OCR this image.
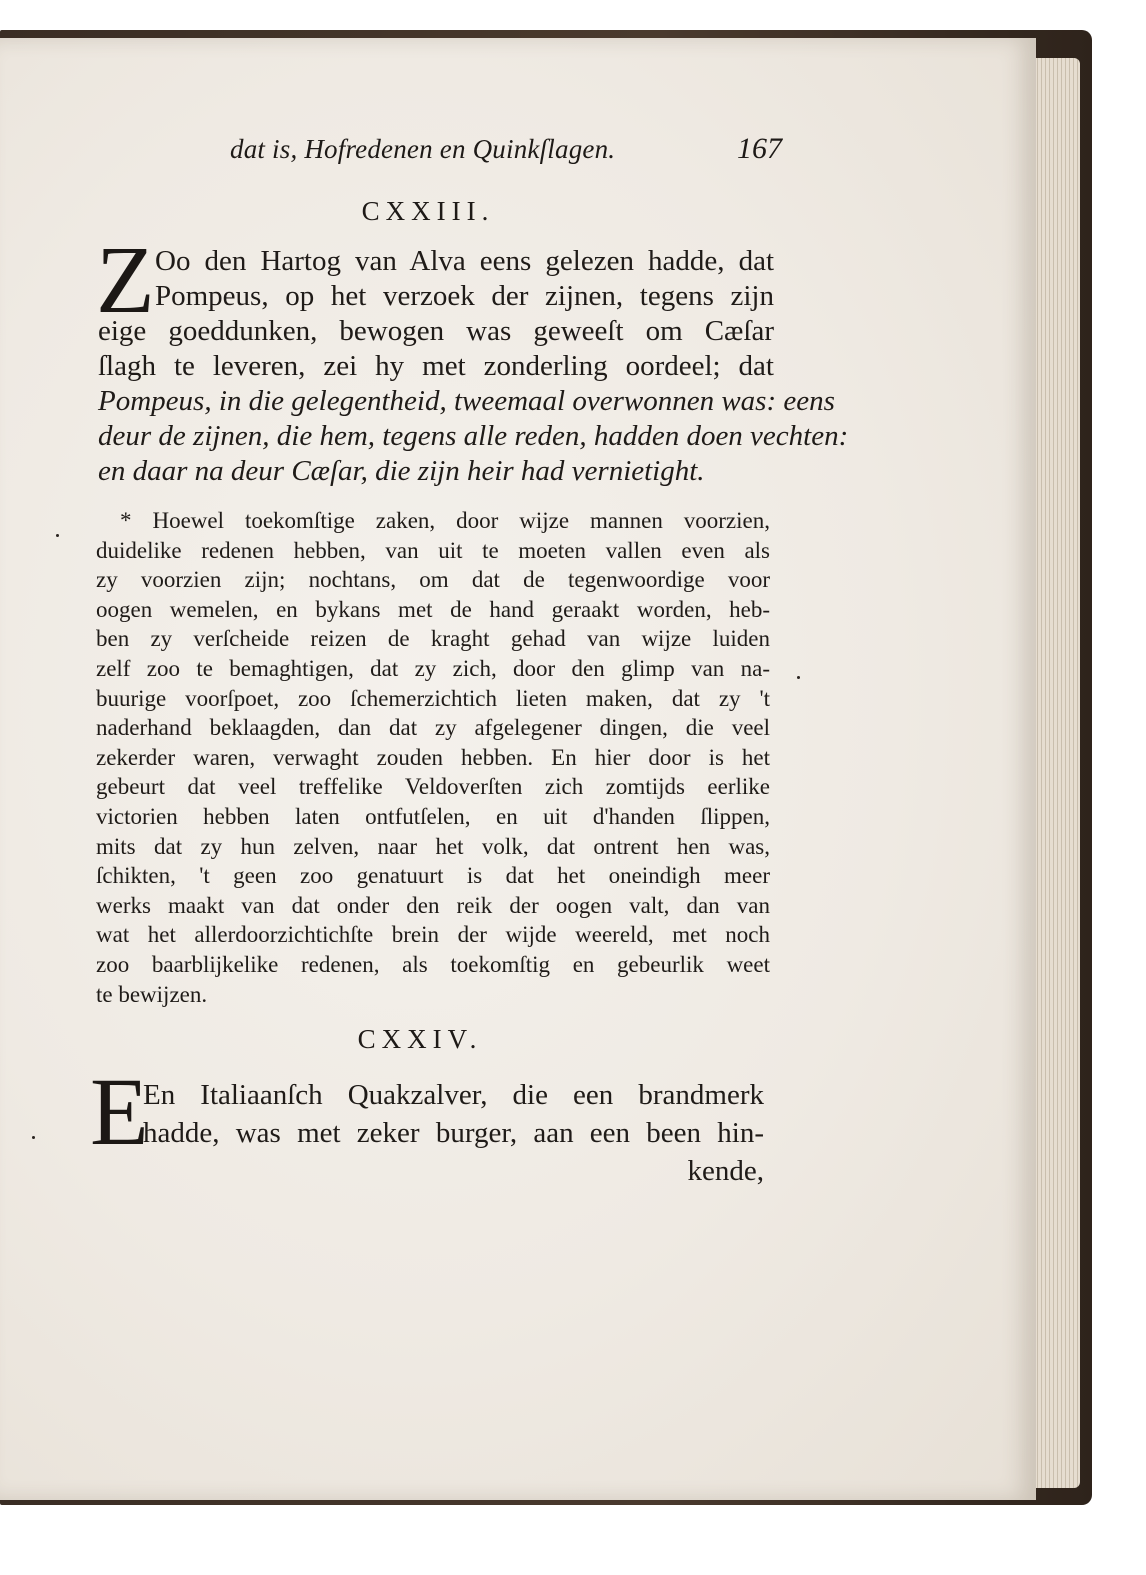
dat is, Hofredenen en Quinkſlagen.	167
CXXIII.
Z Oo den Hartog van Alva eens gelezen hadde, dat
Pompeus, op het verzoek der zijnen, tegens zijn
eige goeddunken, bewogen was geweeſt om Cæſar
ſlagh te leveren, zei hy met zonderling oordeel; dat
Pompeus, in die gelegentheid, tweemaal overwonnen was: eens
deur de zijnen, die hem, tegens alle reden, hadden doen vechten:
en daar na deur Cæſar, die zijn heir had vernietight.
* Hoewel toekomſtige zaken, door wijze mannen voorzien,
duidelike redenen hebben, van uit te moeten vallen even als
zy voorzien zijn; nochtans, om dat de tegenwoordige voor
oogen wemelen, en bykans met de hand geraakt worden, heb-
ben zy verſcheide reizen de kraght gehad van wijze luiden
zelf zoo te bemaghtigen, dat zy zich, door den glimp van na-
buurige voorſpoet, zoo ſchemerzichtich lieten maken, dat zy 't
naderhand beklaagden, dan dat zy afgelegener dingen, die veel
zekerder waren, verwaght zouden hebben. En hier door is het
gebeurt dat veel treffelike Veldoverſten zich zomtijds eerlike
victorien hebben laten ontfutſelen, en uit d'handen ſlippen,
mits dat zy hun zelven, naar het volk, dat ontrent hen was,
ſchikten, 't geen zoo genatuurt is dat het oneindigh meer
werks maakt van dat onder den reik der oogen valt, dan van
wat het allerdoorzichtichſte brein der wijde weereld, met noch
zoo baarblijkelike redenen, als toekomſtig en gebeurlik weet
te bewijzen.
CXXIV.
E
En Italiaanſch Quakzalver, die een brandmerk
hadde, was met zeker burger, aan een been hin-
kende,
